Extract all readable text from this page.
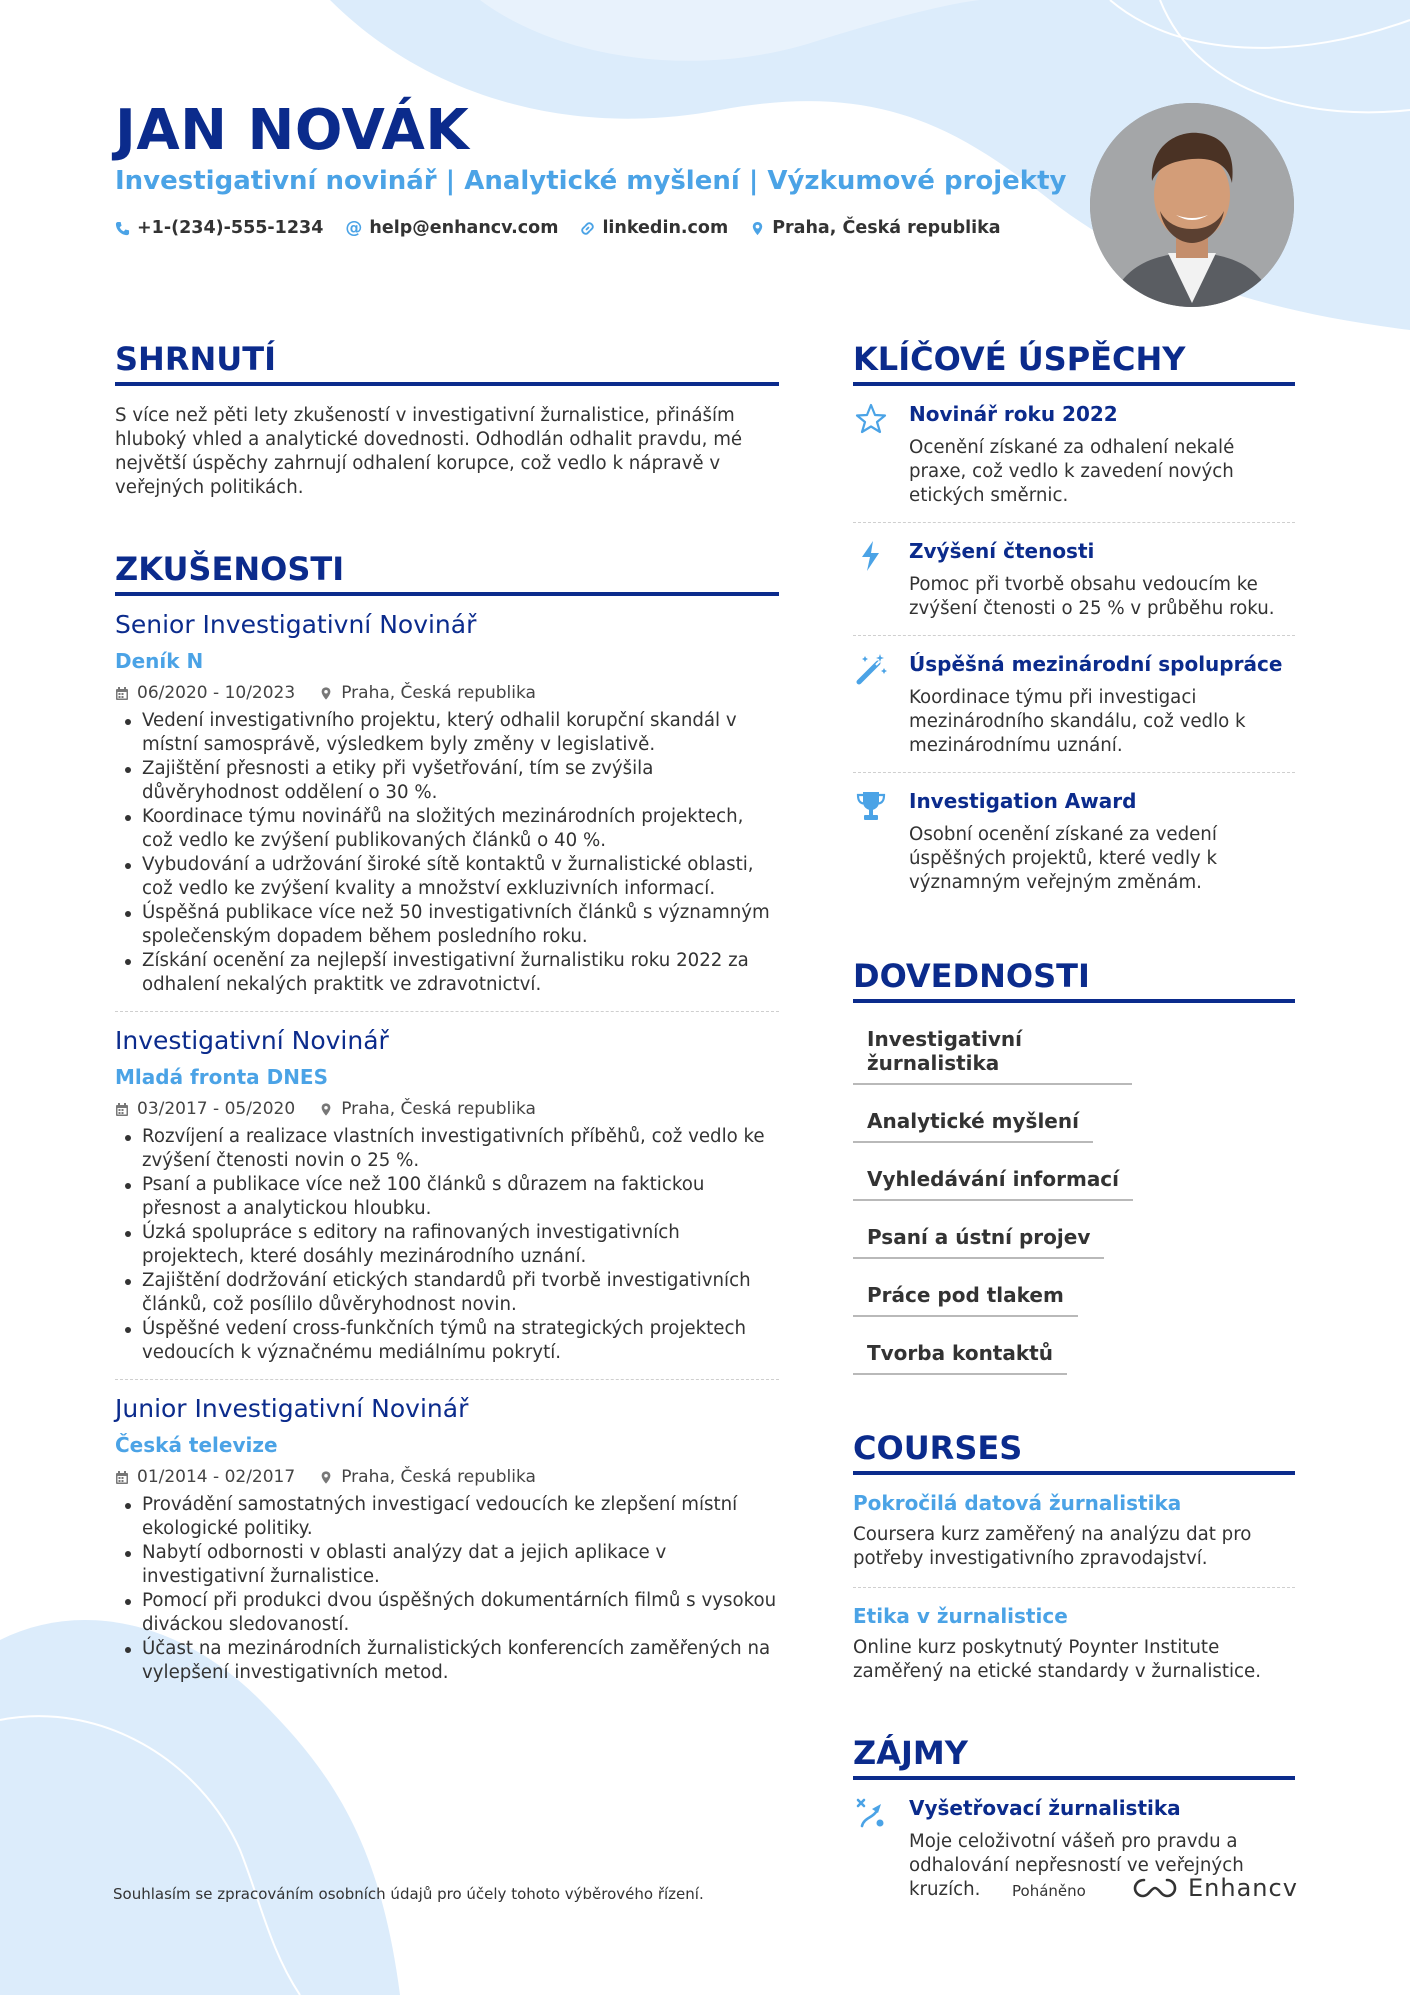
JAN NOVÁK
Investigativní novinář | Analytické myšlení | Výzkumové projekty
+1-(234)-555-1234 @ help@enhancv.com	linkedin.com	Praha, Česká republika
SHRNUTÍ
S více než pěti lety zkušeností v investigativní žurnalistice, přináším hluboký vhled a analytické dovednosti. Odhodlán odhalit pravdu, mé největší úspěchy zahrnují odhalení korupce, což vedlo k nápravě v veřejných politikách.
ZKUŠENOSTI
Senior Investigativní Novinář
Deník N
06/2020 - 10/2023	Praha, Česká republika
Vedení investigativního projektu, který odhalil korupční skandál v místní samosprávě, výsledkem byly změny v legislativě.
Zajištění přesnosti a etiky při vyšetřování, tím se zvýšila důvěryhodnost oddělení o 30 %.
Koordinace týmu novinářů na složitých mezinárodních projektech, což vedlo ke zvýšení publikovaných článků o 40 %.
Vybudování a udržování široké sítě kontaktů v žurnalistické oblasti, což vedlo ke zvýšení kvality a množství exkluzivních informací.
Úspěšná publikace více než 50 investigativních článků s významným společenským dopadem během posledního roku.
Získání ocenění za nejlepší investigativní žurnalistiku roku 2022 za odhalení nekalých praktitk ve zdravotnictví.
Investigativní Novinář
Mladá fronta DNES
03/2017 - 05/2020	Praha, Česká republika
Rozvíjení a realizace vlastních investigativních příběhů, což vedlo ke zvýšení čtenosti novin o 25 %.
Psaní a publikace více než 100 článků s důrazem na faktickou přesnost a analytickou hloubku.
Úzká spolupráce s editory na rafinovaných investigativních projektech, které dosáhly mezinárodního uznání.
Zajištění dodržování etických standardů při tvorbě investigativních článků, což posílilo důvěryhodnost novin.
Úspěšné vedení cross-funkčních týmů na strategických projektech vedoucích k význačnému mediálnímu pokrytí.
Junior Investigativní Novinář
Česká televize
01/2014 - 02/2017	Praha, Česká republika
Provádění samostatných investigací vedoucích ke zlepšení místní ekologické politiky.
Nabytí odbornosti v oblasti analýzy dat a jejich aplikace v investigativní žurnalistice.
Pomocí při produkci dvou úspěšných dokumentárních filmů s vysokou diváckou sledovaností.
Účast na mezinárodních žurnalistických konferencích zaměřených na vylepšení investigativních metod.
KLÍČOVÉ ÚSPĚCHY
Novinář roku 2022
Ocenění získané za odhalení nekalé praxe, což vedlo k zavedení nových etických směrnic.
Zvýšení čtenosti
Pomoc při tvorbě obsahu vedoucím ke zvýšení čtenosti o 25 % v průběhu roku.
Úspěšná mezinárodní spolupráce
Koordinace týmu při investigaci mezinárodního skandálu, což vedlo k mezinárodnímu uznání.
Investigation Award
Osobní ocenění získané za vedení úspěšných projektů, které vedly k významným veřejným změnám.
DOVEDNOSTI
Investigativní žurnalistika
Analytické myšlení
Vyhledávání informací
Psaní a ústní projev
Práce pod tlakem
Tvorba kontaktů
COURSES
Pokročilá datová žurnalistika
Coursera kurz zaměřený na analýzu dat pro potřeby investigativního zpravodajství.
Etika v žurnalistice
Online kurz poskytnutý Poynter Institute zaměřený na etické standardy v žurnalistice.
ZÁJMY
Vyšetřovací žurnalistika
Moje celoživotní vášeň pro pravdu a odhalování nepřesností ve veřejných kruzích.
Souhlasím se zpracováním osobních údajů pro účely tohoto výběrového řízení.	Poháněno	Enhancv
